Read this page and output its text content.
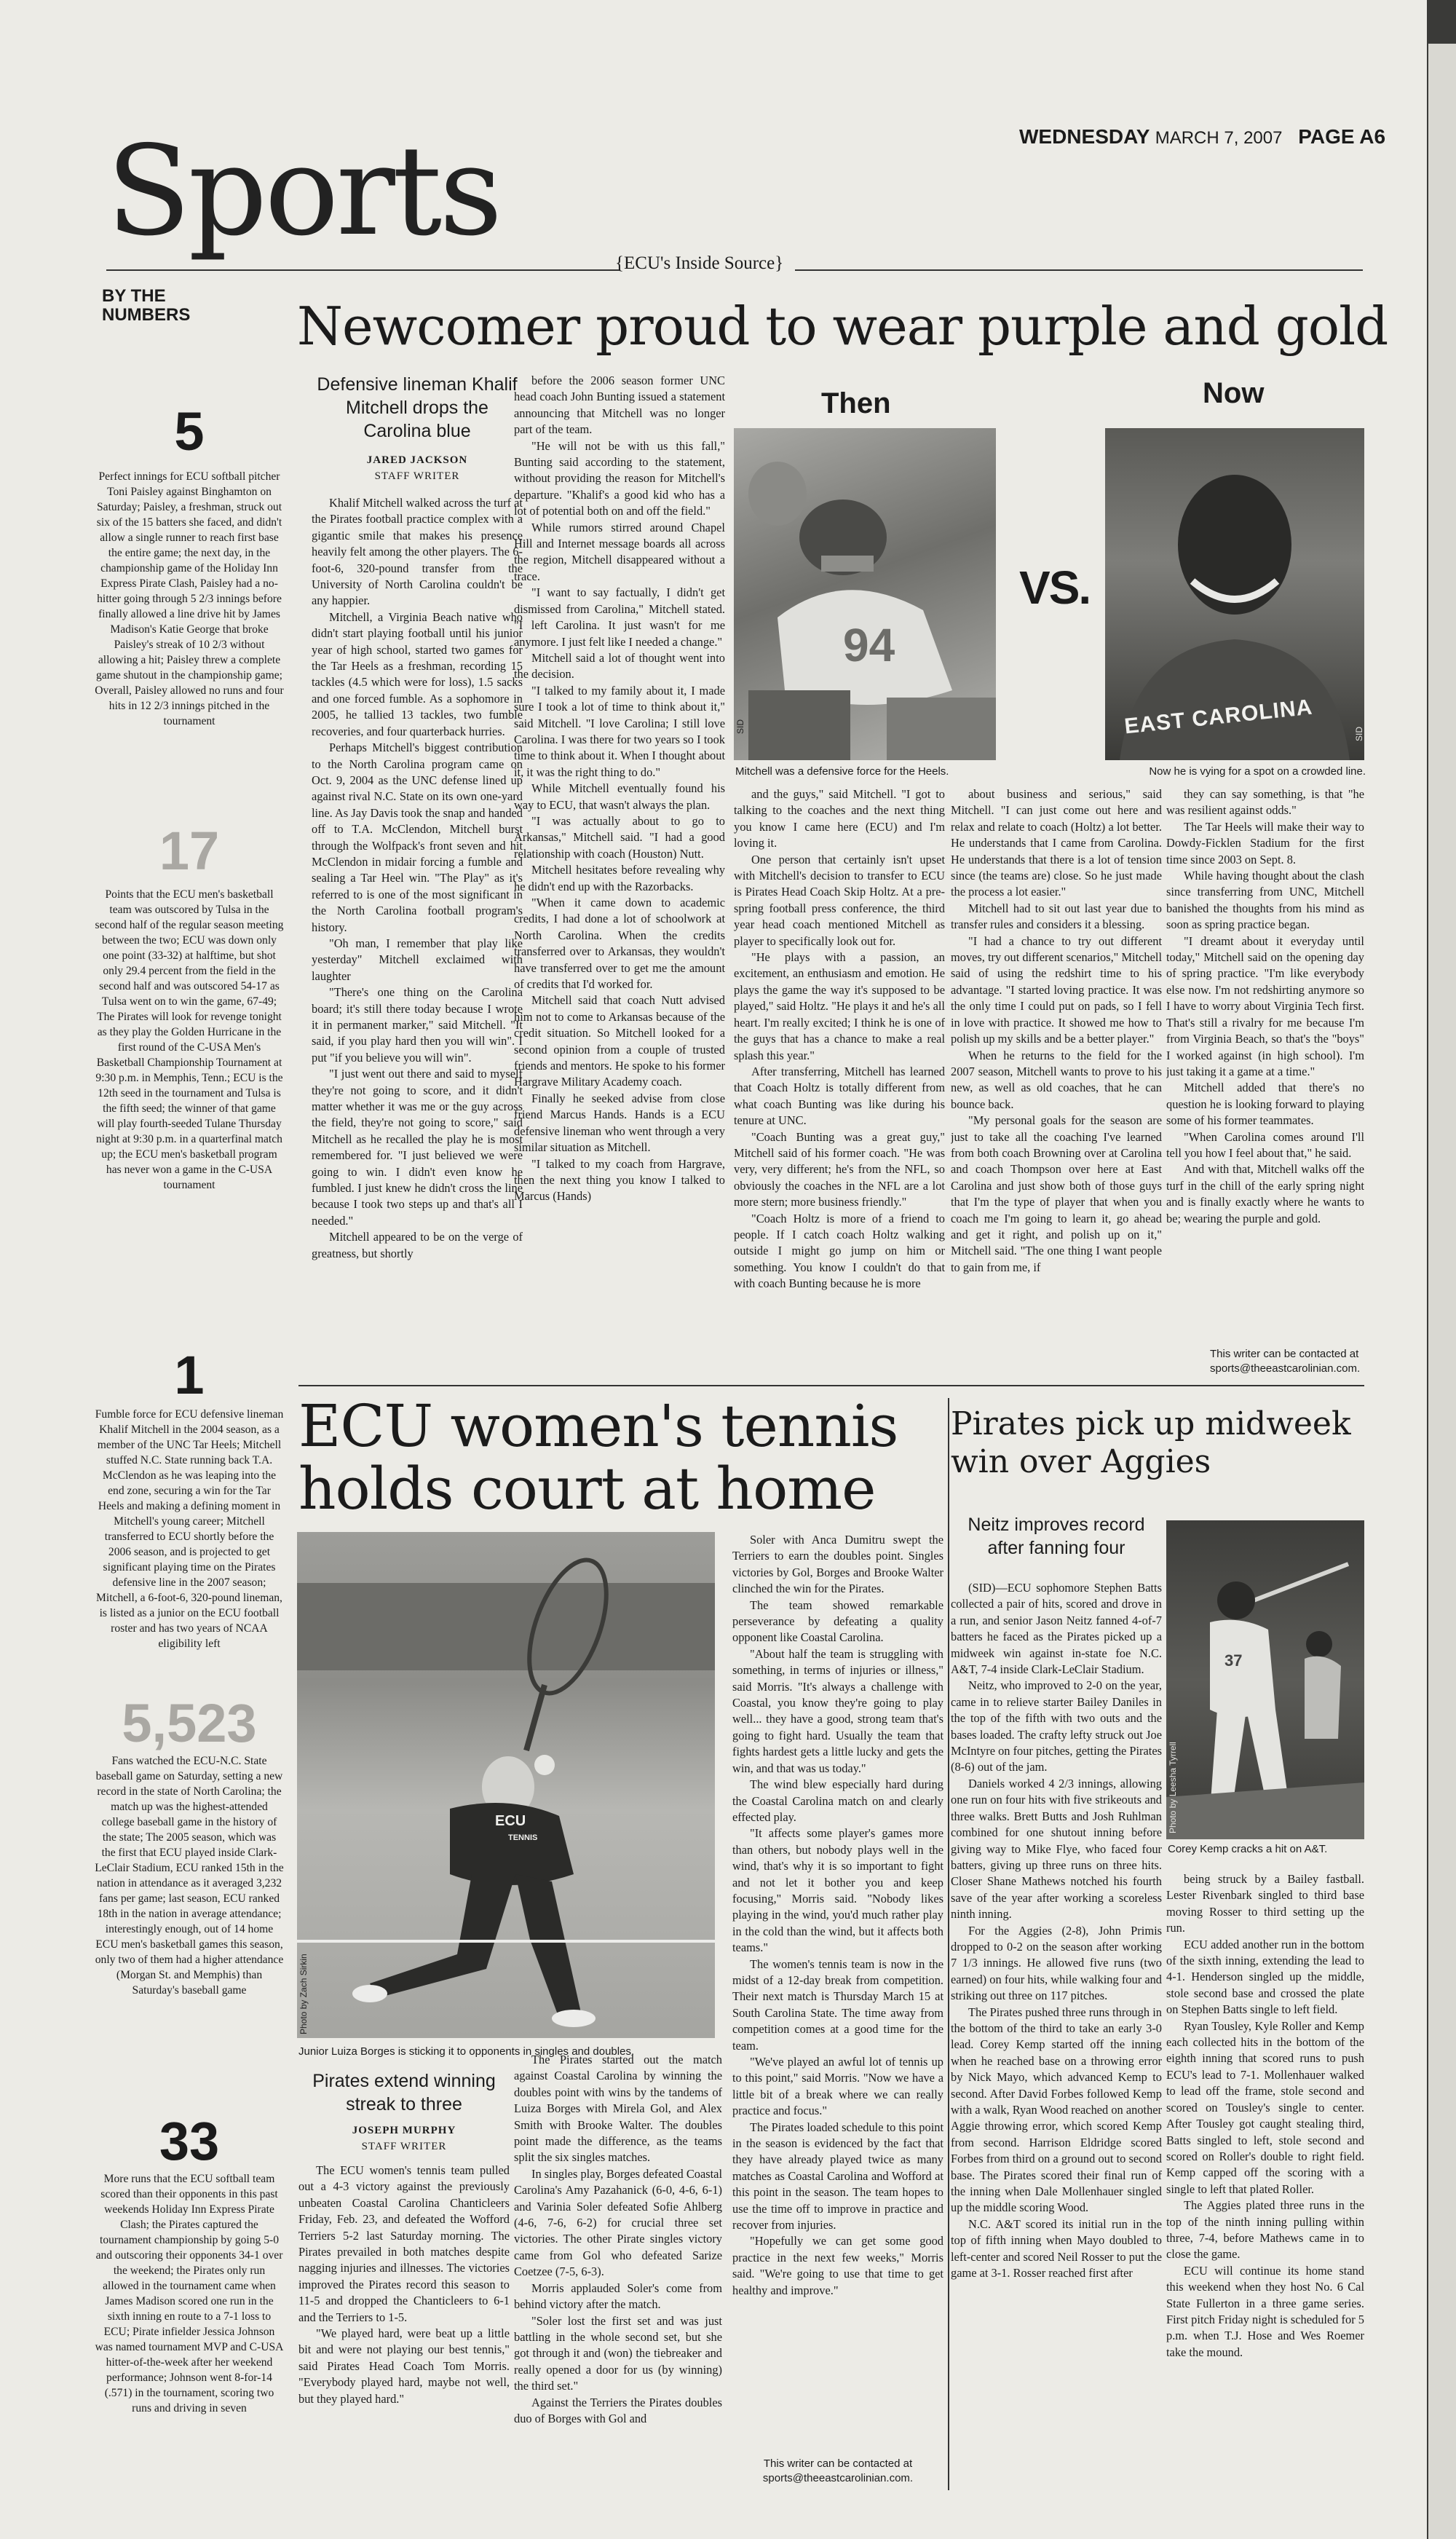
WEDNESDAY MARCH 7, 2007 PAGE A6
Sports	{ECU's Inside Source}
BY THE NUMBERS
5
Perfect innings for ECU softball pitcher Toni Paisley against Binghamton on Saturday; Paisley, a freshman, struck out six of the 15 batters she faced, and didn't allow a single runner to reach first base the entire game; the next day, in the championship game of the Holiday Inn Express Pirate Clash, Paisley had a no-hitter going through 5 2/3 innings before finally allowed a line drive hit by James Madison's Katie George that broke Paisley's streak of 10 2/3 without allowing a hit; Paisley threw a complete game shutout in the championship game; Overall, Paisley allowed no runs and four hits in 12 2/3 innings pitched in the tournament
17
Points that the ECU men's basketball team was outscored by Tulsa in the second half of the regular season meeting between the two; ECU was down only one point (33-32) at halftime, but shot only 29.4 percent from the field in the second half and was outscored 54-17 as Tulsa went on to win the game, 67-49; The Pirates will look for revenge tonight as they play the Golden Hurricane in the first round of the C-USA Men's Basketball Championship Tournament at 9:30 p.m. in Memphis, Tenn.; ECU is the 12th seed in the tournament and Tulsa is the fifth seed; the winner of that game will play fourth-seeded Tulane Thursday night at 9:30 p.m. in a quarterfinal match up; the ECU men's basketball program has never won a game in the C-USA tournament
1
Fumble force for ECU defensive lineman Khalif Mitchell in the 2004 season, as a member of the UNC Tar Heels; Mitchell stuffed N.C. State running back T.A. McClendon as he was leaping into the end zone, securing a win for the Tar Heels and making a defining moment in Mitchell's young career; Mitchell transferred to ECU shortly before the 2006 season, and is projected to get significant playing time on the Pirates defensive line in the 2007 season; Mitchell, a 6-foot-6, 320-pound lineman, is listed as a junior on the ECU football roster and has two years of NCAA eligibility left
5,523
Fans watched the ECU-N.C. State baseball game on Saturday, setting a new record in the state of North Carolina; the match up was the highest-attended college baseball game in the history of the state; The 2005 season, which was the first that ECU played inside Clark-LeClair Stadium, ECU ranked 15th in the nation in attendance as it averaged 3,232 fans per game; last season, ECU ranked 18th in the nation in average attendance; interestingly enough, out of 14 home ECU men's basketball games this season, only two of them had a higher attendance (Morgan St. and Memphis) than Saturday's baseball game
33
More runs that the ECU softball team scored than their opponents in this past weekends Holiday Inn Express Pirate Clash; the Pirates captured the tournament championship by going 5-0 and outscoring their opponents 34-1 over the weekend; the Pirates only run allowed in the tournament came when James Madison scored one run in the sixth inning en route to a 7-1 loss to ECU; Pirate infielder Jessica Johnson was named tournament MVP and C-USA hitter-of-the-week after her weekend performance; Johnson went 8-for-14 (.571) in the tournament, scoring two runs and driving in seven
Newcomer proud to wear purple and gold
Defensive lineman Khalif Mitchell drops the Carolina blue
JARED JACKSON
STAFF WRITER

Khalif Mitchell walked across the turf at the Pirates football practice complex with a gigantic smile that makes his presence heavily felt among the other players. The 6-foot-6, 320-pound transfer from the University of North Carolina couldn't be any happier.

Mitchell, a Virginia Beach native who didn't start playing football until his junior year of high school, started two games for the Tar Heels as a freshman, recording 15 tackles (4.5 which were for loss), 1.5 sacks and one forced fumble. As a sophomore in 2005, he tallied 13 tackles, two fumble recoveries, and four quarterback hurries.

Perhaps Mitchell's biggest contribution to the North Carolina program came on Oct. 9, 2004 as the UNC defense lined up against rival N.C. State on its own one-yard line. As Jay Davis took the snap and handed off to T.A. McClendon, Mitchell burst through the Wolfpack's front seven and hit McClendon in midair forcing a fumble and sealing a Tar Heel win. "The Play" as it's referred to is one of the most significant in the North Carolina football program's history.

"Oh man, I remember that play like yesterday" Mitchell exclaimed with laughter

"There's one thing on the Carolina board; it's still there today because I wrote it in permanent marker," said Mitchell. "It said, if you play hard then you will win". I put "if you believe you will win".

"I just went out there and said to myself they're not going to score, and it didn't matter whether it was me or the guy across the field, they're not going to score," said Mitchell as he recalled the play he is most remembered for. "I just believed we were going to win. I didn't even know he fumbled. I just knew he didn't cross the line because I took two steps up and that's all I needed."

Mitchell appeared to be on the verge of greatness, but shortly

before the 2006 season former UNC head coach John Bunting issued a statement announcing that Mitchell was no longer part of the team.

"He will not be with us this fall," Bunting said according to the statement, without providing the reason for Mitchell's departure. "Khalif's a good kid who has a lot of potential both on and off the field."

While rumors stirred around Chapel Hill and Internet message boards all across the region, Mitchell disappeared without a trace.

"I want to say factually, I didn't get dismissed from Carolina," Mitchell stated. "I left Carolina. It just wasn't for me anymore. I just felt like I needed a change."

Mitchell said a lot of thought went into the decision.

"I talked to my family about it, I made sure I took a lot of time to think about it," said Mitchell. "I love Carolina; I still love Carolina. I was there for two years so I took time to think about it. When I thought about it, it was the right thing to do."

While Mitchell eventually found his way to ECU, that wasn't always the plan.

"I was actually about to go to Arkansas," Mitchell said. "I had a good relationship with coach (Houston) Nutt.

Mitchell hesitates before revealing why he didn't end up with the Razorbacks.

"When it came down to academic credits, I had done a lot of schoolwork at North Carolina. When the credits transferred over to Arkansas, they wouldn't have transferred over to get me the amount of credits that I'd worked for.

Mitchell said that coach Nutt advised him not to come to Arkansas because of the credit situation. So Mitchell looked for a second opinion from a couple of trusted friends and mentors. He spoke to his former Hargrave Military Academy coach.

Finally he seeked advise from close friend Marcus Hands. Hands is a ECU defensive lineman who went through a very similar situation as Mitchell.

"I talked to my coach from Hargrave, then the next thing you know I talked to Marcus (Hands)

Then	Now
94
SID
Mitchell was a defensive force for the Heels.
VS.
EAST CAROLINA	SID
Now he is vying for a spot on a crowded line.

and the guys," said Mitchell. "I got to talking to the coaches and the next thing you know I came here (ECU) and I'm loving it.

One person that certainly isn't upset with Mitchell's decision to transfer to ECU is Pirates Head Coach Skip Holtz. At a pre-spring football press conference, the third year head coach mentioned Mitchell as player to specifically look out for.

"He plays with a passion, an excitement, an enthusiasm and emotion. He plays the game the way it's supposed to be played," said Holtz. "He plays it and he's all heart. I'm really excited; I think he is one of the guys that has a chance to make a real splash this year."

After transferring, Mitchell has learned that Coach Holtz is totally different from what coach Bunting was like during his tenure at UNC.

"Coach Bunting was a great guy," Mitchell said of his former coach. "He was very, very different; he's from the NFL, so obviously the coaches in the NFL are a lot more stern; more business friendly."

"Coach Holtz is more of a friend to people. If I catch coach Holtz walking outside I might go jump on him or something. You know I couldn't do that with coach Bunting because he is more

about business and serious," said Mitchell. "I can just come out here and relax and relate to coach (Holtz) a lot better. He understands that I came from Carolina. He understands that there is a lot of tension since (the teams are) close. So he just made the process a lot easier."

Mitchell had to sit out last year due to transfer rules and considers it a blessing.

"I had a chance to try out different moves, try out different scenarios," Mitchell said of using the redshirt time to his advantage. "I started loving practice. It was the only time I could put on pads, so I fell in love with practice. It showed me how to polish up my skills and be a better player."

When he returns to the field for the 2007 season, Mitchell wants to prove to his new, as well as old coaches, that he can bounce back.

"My personal goals for the season are just to take all the coaching I've learned from both coach Browning over at Carolina and coach Thompson over here at East Carolina and just show both of those guys that I'm the type of player that when you coach me I'm going to learn it, go ahead and get it right, and polish up on it," Mitchell said. "The one thing I want people to gain from me, if

they can say something, is that "he was resilient against odds."

The Tar Heels will make their way to Dowdy-Ficklen Stadium for the first time since 2003 on Sept. 8.

While having thought about the clash since transferring from UNC, Mitchell banished the thoughts from his mind as soon as spring practice began.

"I dreamt about it everyday until today," Mitchell said on the opening day of spring practice. "I'm like everybody else now. I'm not redshirting anymore so I have to worry about Virginia Tech first. That's still a rivalry for me because I'm from Virginia Beach, so that's the "boys" I worked against (in high school). I'm just taking it a game at a time."

Mitchell added that there's no question he is looking forward to playing some of his former teammates.

"When Carolina comes around I'll tell you how I feel about that," he said.

And with that, Mitchell walks off the turf in the chill of the early spring night and is finally exactly where he wants to be; wearing the purple and gold.

This writer can be contacted at sports@theeastcarolinian.com.
ECU women's tennis
holds court at home
ECU
TENNIS
Photo by Zach Sirkin
Junior Luiza Borges is sticking it to opponents in singles and doubles.
Pirates extend winning streak to three
JOSEPH MURPHY
STAFF WRITER

The ECU women's tennis team pulled out a 4-3 victory against the previously unbeaten Coastal Carolina Chanticleers Friday, Feb. 23, and defeated the Wofford Terriers 5-2 last Saturday morning. The Pirates prevailed in both matches despite nagging injuries and illnesses. The victories improved the Pirates record this season to 11-5 and dropped the Chanticleers to 6-1 and the Terriers to 1-5.

"We played hard, were beat up a little bit and were not playing our best tennis," said Pirates Head Coach Tom Morris. "Everybody played hard, maybe not well, but they played hard."

The Pirates started out the match against Coastal Carolina by winning the doubles point with wins by the tandems of Luiza Borges with Mirela Gol, and Alex Smith with Brooke Walter. The doubles point made the difference, as the teams split the six singles matches.

In singles play, Borges defeated Coastal Carolina's Amy Pazahanick (6-0, 4-6, 6-1) and Varinia Soler defeated Sofie Ahlberg (4-6, 7-6, 6-2) for crucial three set victories. The other Pirate singles victory came from Gol who defeated Sarize Coetzee (7-5, 6-3).

Morris applauded Soler's come from behind victory after the match.

"Soler lost the first set and was just battling in the whole second set, but she got through it and (won) the tiebreaker and really opened a door for us (by winning) the third set."

Against the Terriers the Pirates doubles duo of Borges with Gol and

Soler with Anca Dumitru swept the Terriers to earn the doubles point. Singles victories by Gol, Borges and Brooke Walter clinched the win for the Pirates.

The team showed remarkable perseverance by defeating a quality opponent like Coastal Carolina.

"About half the team is struggling with something, in terms of injuries or illness," said Morris. "It's always a challenge with Coastal, you know they're going to play well... they have a good, strong team that's going to fight hard. Usually the team that fights hardest gets a little lucky and gets the win, and that was us today."

The wind blew especially hard during the Coastal Carolina match on and clearly effected play.

"It affects some player's games more than others, but nobody plays well in the wind, that's why it is so important to fight and not let it bother you and keep focusing," Morris said. "Nobody likes playing in the wind, you'd much rather play in the cold than the wind, but it affects both teams."

The women's tennis team is now in the midst of a 12-day break from competition. Their next match is Thursday March 15 at South Carolina State. The time away from competition comes at a good time for the team.

"We've played an awful lot of tennis up to this point," said Morris. "Now we have a little bit of a break where we can really practice and focus."

The Pirates loaded schedule to this point in the season is evidenced by the fact that they have already played twice as many matches as Coastal Carolina and Wofford at this point in the season. The team hopes to use the time off to improve in practice and recover from injuries.

"Hopefully we can get some good practice in the next few weeks," Morris said. "We're going to use that time to get healthy and improve."

This writer can be contacted at sports@theeastcarolinian.com.
Pirates pick up midweek win over Aggies
Neitz improves record after fanning four
37
Photo by Leesha Tyrrell
Corey Kemp cracks a hit on A&T.

(SID)—ECU sophomore Stephen Batts collected a pair of hits, scored and drove in a run, and senior Jason Neitz fanned 4-of-7 batters he faced as the Pirates picked up a midweek win against in-state foe N.C. A&T, 7-4 inside Clark-LeClair Stadium.

Neitz, who improved to 2-0 on the year, came in to relieve starter Bailey Daniles in the top of the fifth with two outs and the bases loaded. The crafty lefty struck out Joe McIntyre on four pitches, getting the Pirates (8-6) out of the jam.

Daniels worked 4 2/3 innings, allowing one run on four hits with five strikeouts and three walks. Brett Butts and Josh Ruhlman combined for one shutout inning before giving way to Mike Flye, who faced four batters, giving up three runs on three hits. Closer Shane Mathews notched his fourth save of the year after working a scoreless ninth inning.

For the Aggies (2-8), John Primis dropped to 0-2 on the season after working 7 1/3 innings. He allowed five runs (two earned) on four hits, while walking four and striking out three on 117 pitches.

The Pirates pushed three runs through in the bottom of the third to take an early 3-0 lead. Corey Kemp started off the inning when he reached base on a throwing error by Nick Mayo, which advanced Kemp to second. After David Forbes followed Kemp with a walk, Ryan Wood reached on another Aggie throwing error, which scored Kemp from second. Harrison Eldridge scored Forbes from third on a ground out to second base. The Pirates scored their final run of the inning when Dale Mollenhauer singled up the middle scoring Wood.

N.C. A&T scored its initial run in the top of fifth inning when Mayo doubled to left-center and scored Neil Rosser to put the game at 3-1. Rosser reached first after

being struck by a Bailey fastball. Lester Rivenbark singled to third base moving Rosser to third setting up the run.

ECU added another run in the bottom of the sixth inning, extending the lead to 4-1. Henderson singled up the middle, stole second base and crossed the plate on Stephen Batts single to left field.

Ryan Tousley, Kyle Roller and Kemp each collected hits in the bottom of the eighth inning that scored runs to push ECU's lead to 7-1. Mollenhauer walked to lead off the frame, stole second and scored on Tousley's single to center. After Tousley got caught stealing third, Batts singled to left, stole second and scored on Roller's double to right field. Kemp capped off the scoring with a single to left that plated Roller.

The Aggies plated three runs in the top of the ninth inning pulling within three, 7-4, before Mathews came in to close the game.

ECU will continue its home stand this weekend when they host No. 6 Cal State Fullerton in a three game series. First pitch Friday night is scheduled for 5 p.m. when T.J. Hose and Wes Roemer take the mound.
